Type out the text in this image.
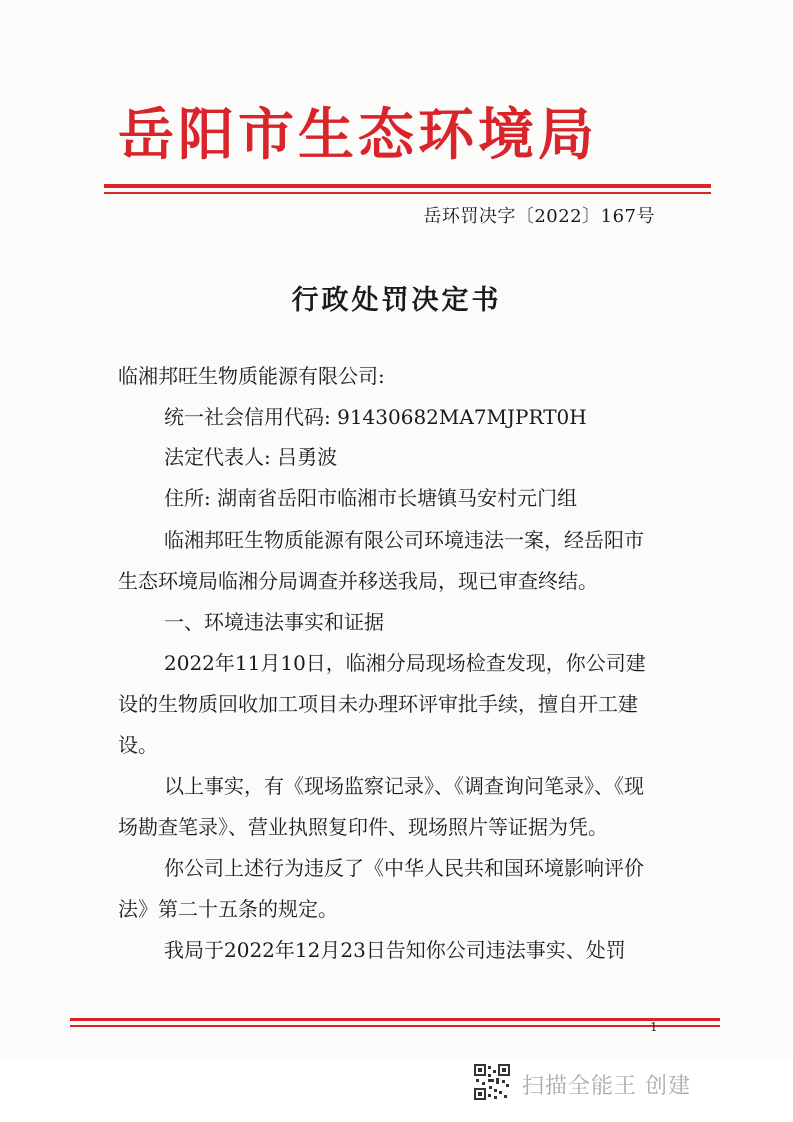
岳阳市生态环境局
岳环罚决字〔2022〕167号
行政处罚决定书
临湘邦旺生物质能源有限公司:
统一社会信用代码: 91430682MA7MJPRT0H
法定代表人: 吕勇波
住所: 湖南省岳阳市临湘市长塘镇马安村元门组
临湘邦旺生物质能源有限公司环境违法一案，经岳阳市
生态环境局临湘分局调查并移送我局，现已审查终结。
一、环境违法事实和证据
2022年11月10日，临湘分局现场检查发现，你公司建
设的生物质回收加工项目未办理环评审批手续，擅自开工建
设。
以上事实，有《现场监察记录》、《调查询问笔录》、《现
场勘查笔录》、营业执照复印件、现场照片等证据为凭。
你公司上述行为违反了《中华人民共和国环境影响评价
法》第二十五条的规定。
我局于2022年12月23日告知你公司违法事实、处罚
1
扫描全能王 创建
